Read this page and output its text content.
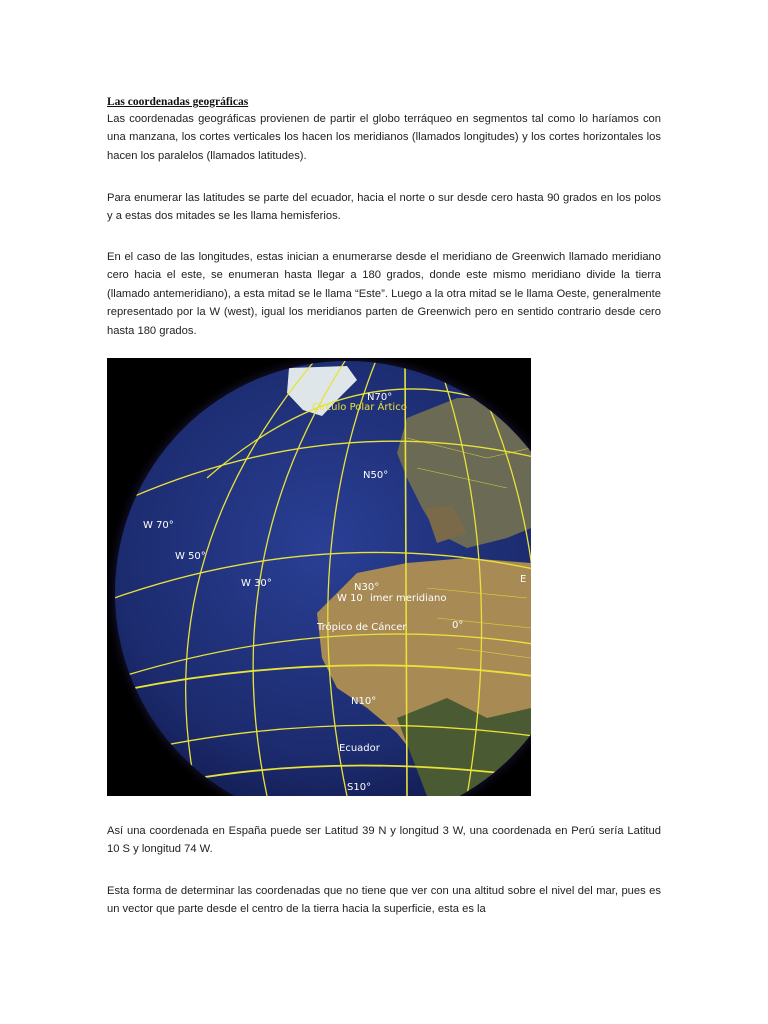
Las coordenadas geográficas

Las coordenadas geográficas provienen de partir el globo terráqueo en segmentos tal como lo haríamos con una manzana, los cortes verticales los hacen los meridianos (llamados longitudes) y los cortes horizontales los hacen los paralelos (llamados latitudes).

Para enumerar las latitudes se parte del ecuador, hacia el norte o sur desde cero hasta 90 grados en los polos y a estas dos mitades se les llama hemisferios.

En el caso de las longitudes, estas inician a enumerarse desde el meridiano de Greenwich llamado meridiano cero hacia el este, se enumeran hasta llegar a 180 grados, donde este mismo meridiano divide la tierra (llamado antemeridiano), a esta mitad se le llama “Este”. Luego a la otra mitad se le llama Oeste, generalmente representado por la W (west), igual los meridianos parten de Greenwich pero en sentido contrario desde cero hasta 180 grados.

N70°
Círculo Polar Ártico
N50°
W 70°
W 50°
W 30°	N30°
W 10 imer meridiano
E
Trópico de Cáncer	0°
N10°
Ecuador
S10°

Así una coordenada en España puede ser Latitud 39 N y longitud 3 W, una coordenada en Perú sería Latitud 10 S y longitud 74 W.

Esta forma de determinar las coordenadas que no tiene que ver con una altitud sobre el nivel del mar, pues es un vector que parte desde el centro de la tierra hacia la superficie, esta es la
